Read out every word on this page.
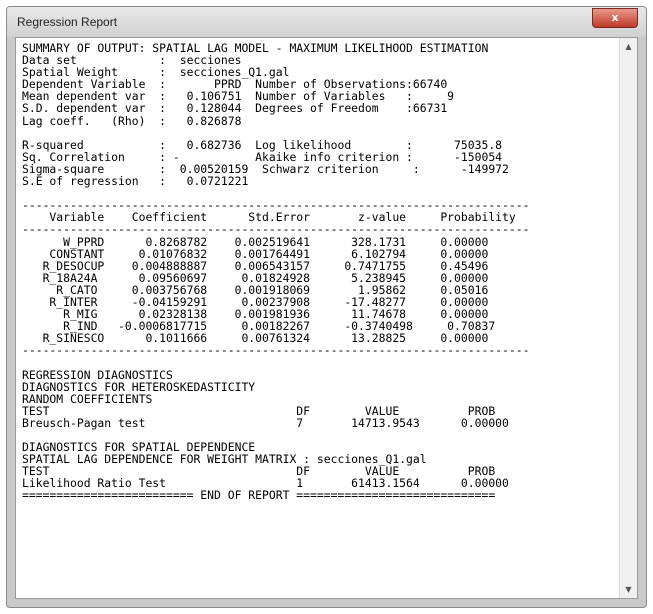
Regression Report	x
SUMMARY OF OUTPUT: SPATIAL LAG MODEL - MAXIMUM LIKELIHOOD ESTIMATION
Data set            :  secciones
Spatial Weight      :  secciones_Q1.gal
Dependent Variable  :       PPRD  Number of Observations:66740
Mean dependent var  :   0.106751  Number of Variables   :     9
S.D. dependent var  :   0.128044  Degrees of Freedom    :66731
Lag coeff.   (Rho)  :   0.826878

R-squared           :   0.682736  Log likelihood        :      75035.8
Sq. Correlation     : -           Akaike info criterion :      -150054
Sigma-square        :  0.00520159  Schwarz criterion     :      -149972
S.E of regression   :   0.0721221

--------------------------------------------------------------------------
Variable    Coefficient      Std.Error       z-value     Probability
--------------------------------------------------------------------------
W_PPRD      0.8268782    0.002519641      328.1731     0.00000
CONSTANT     0.01076832    0.001764491      6.102794     0.00000
R_DESOCUP    0.004888887    0.006543157     0.7471755     0.45496
R_18A24A      0.09560697     0.01824928      5.238945     0.00000
R_CATO     0.003756768    0.001918069       1.95862     0.05016
R_INTER     -0.04159291     0.00237908     -17.48277     0.00000
R_MIG      0.02328138    0.001981936      11.74678     0.00000
R_IND   -0.0006817715     0.00182267     -0.3740498     0.70837
R_SINESCO      0.1011666     0.00761324      13.28825     0.00000
--------------------------------------------------------------------------

REGRESSION DIAGNOSTICS
DIAGNOSTICS FOR HETEROSKEDASTICITY
RANDOM COEFFICIENTS
TEST                                    DF        VALUE          PROB
Breusch-Pagan test                      7       14713.9543      0.00000

DIAGNOSTICS FOR SPATIAL DEPENDENCE
SPATIAL LAG DEPENDENCE FOR WEIGHT MATRIX : secciones_Q1.gal
TEST                                    DF        VALUE          PROB
Likelihood Ratio Test                   1       61413.1564      0.00000
========================= END OF REPORT =============================
▲
▼
